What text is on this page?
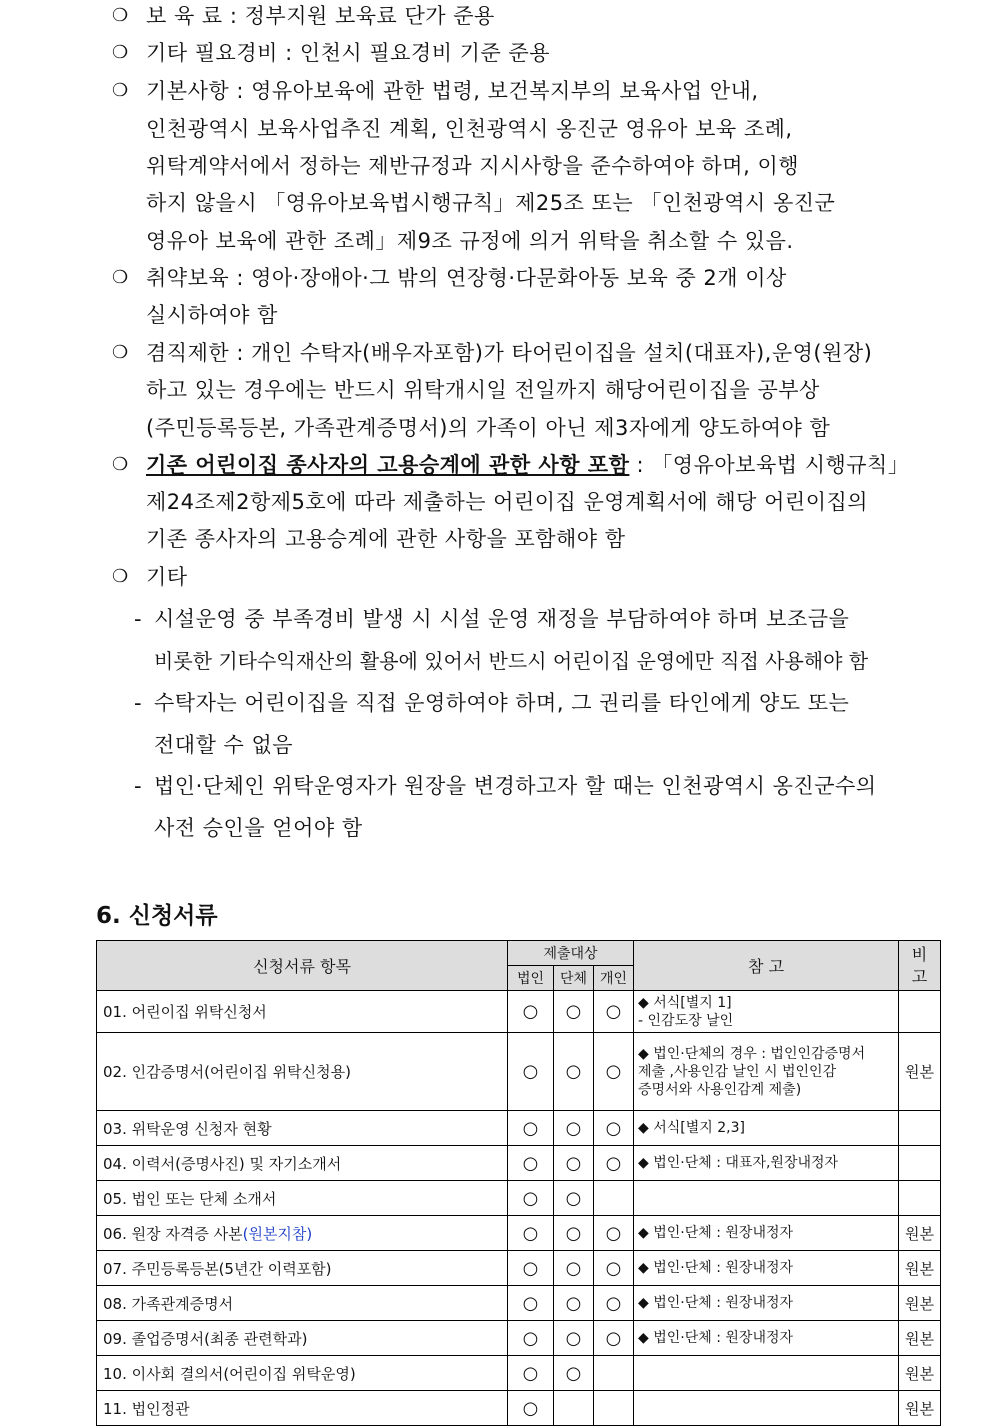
❍ 보 육 료 : 정부지원 보육료 단가 준용
❍ 기타 필요경비 : 인천시 필요경비 기준 준용
❍ 기본사항 : 영유아보육에 관한 법령, 보건복지부의 보육사업 안내,
인천광역시 보육사업추진 계획, 인천광역시 옹진군 영유아 보육 조례,
위탁계약서에서 정하는 제반규정과 지시사항을 준수하여야 하며, 이행
하지 않을시 「영유아보육법시행규칙」제25조 또는 「인천광역시 옹진군
영유아 보육에 관한 조례」제9조 규정에 의거 위탁을 취소할 수 있음.
❍ 취약보육 : 영아·장애아·그 밖의 연장형·다문화아동 보육 중 2개 이상
실시하여야 함
❍ 겸직제한 : 개인 수탁자(배우자포함)가 타어린이집을 설치(대표자),운영(원장)
하고 있는 경우에는 반드시 위탁개시일 전일까지 해당어린이집을 공부상
(주민등록등본, 가족관계증명서)의 가족이 아닌 제3자에게 양도하여야 함
❍ 기존 어린이집 종사자의 고용승계에 관한 사항 포함 : 「영유아보육법 시행규칙」
제24조제2항제5호에 따라 제출하는 어린이집 운영계획서에 해당 어린이집의
기존 종사자의 고용승계에 관한 사항을 포함해야 함
❍ 기타
- 시설운영 중 부족경비 발생 시 시설 운영 재정을 부담하여야 하며 보조금을
비롯한 기타수익재산의 활용에 있어서 반드시 어린이집 운영에만 직접 사용해야 함
- 수탁자는 어린이집을 직접 운영하여야 하며, 그 권리를 타인에게 양도 또는
전대할 수 없음
- 법인·단체인 위탁운영자가 원장을 변경하고자 할 때는 인천광역시 옹진군수의
사전 승인을 얻어야 함
6. 신청서류
신청서류 항목	제출대상			참 고	비
고
	법인	단체	개인		
01. 어린이집 위탁신청서	○	○	○	◆ 서식[별지 1]
- 인감도장 날인	

02. 인감증명서(어린이집 위탁신청용)	○	○	○	◆ 법인·단체의 경우 : 법인인감증명서
제출 ,사용인감 날인 시 법인인감
증명서와 사용인감계 제출)	원본
03. 위탁운영 신청자 현황	○	○	○	◆ 서식[별지 2,3]	

04. 이력서(증명사진) 및 자기소개서	○	○	○	◆ 법인·단체 : 대표자,원장내정자	

05. 법인 또는 단체 소개서	○	○			
06. 원장 자격증 사본(원본지참)	○	○	○	◆ 법인·단체 : 원장내정자	원본
07. 주민등록등본(5년간 이력포함)	○	○	○	◆ 법인·단체 : 원장내정자	원본
08. 가족관계증명서	○	○	○	◆ 법인·단체 : 원장내정자	원본
09. 졸업증명서(최종 관련학과)	○	○	○	◆ 법인·단체 : 원장내정자	원본
10. 이사회 결의서(어린이집 위탁운영)	○	○			원본
11. 법인정관	○				원본
